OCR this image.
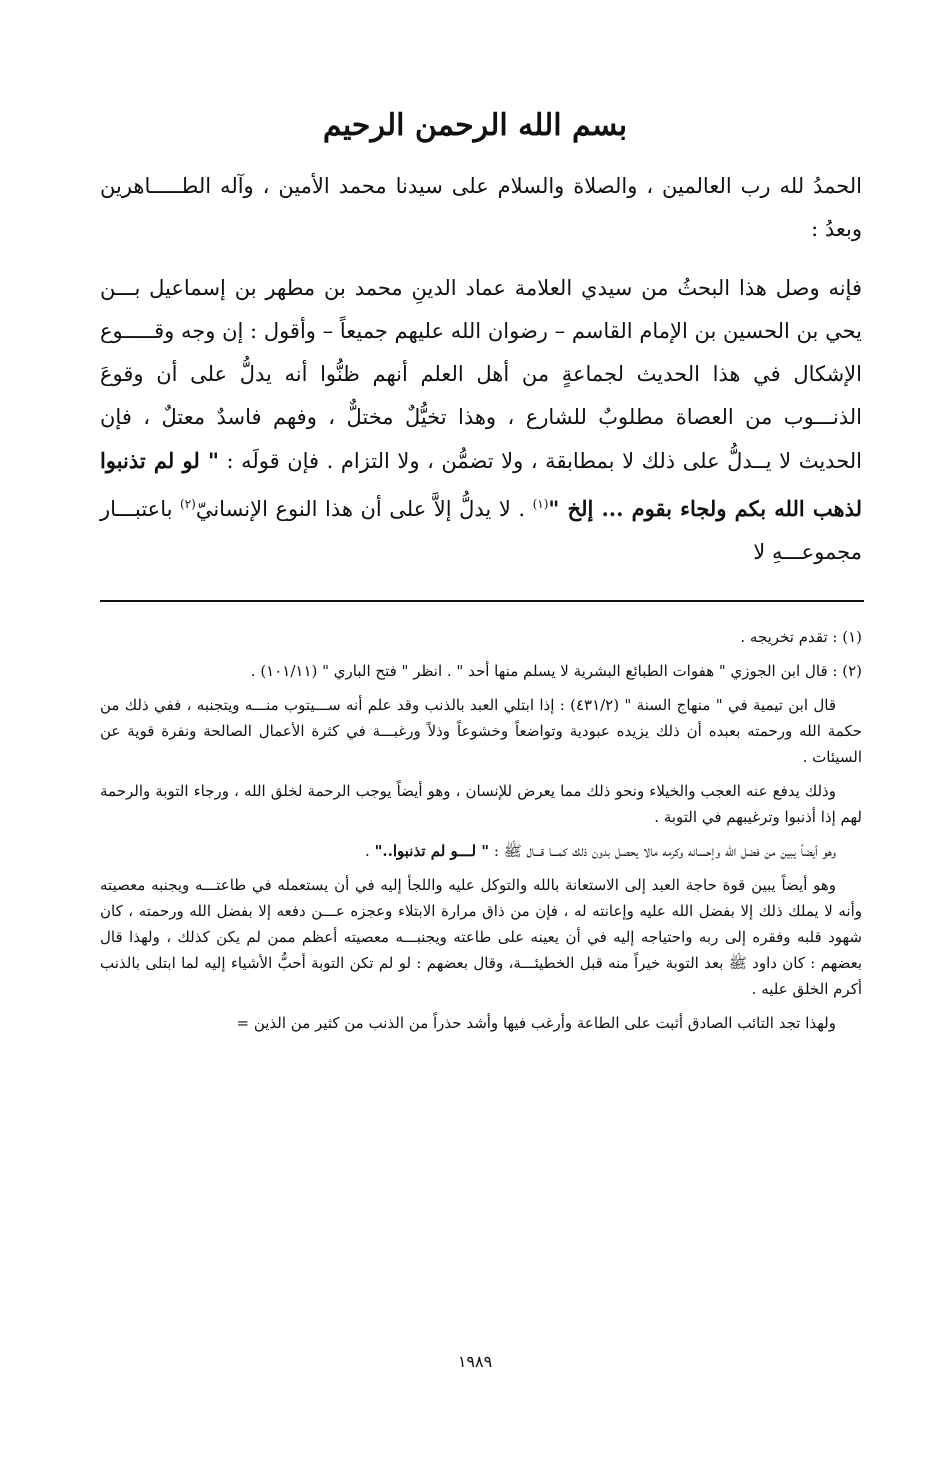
بسم الله الرحمن الرحيم

الحمدُ لله رب العالمين ، والصلاة والسلام على سيدنا محمد الأمين ، وآله الطـــــاهرين وبعدُ :

فإنه وصل هذا البحثُ من سيدي العلامة عماد الدينِ محمد بن مطهر بن إسماعيل بـــن يحي بن الحسين بن الإمام القاسم – رضوان الله عليهم جميعاً – وأقول : إن وجه وقـــــوع الإشكال في هذا الحديث لجماعةٍ من أهل العلم أنهم ظنُّوا أنه يدلُّ على أن وقوعَ الذنـــوب من العصاة مطلوبٌ للشارع ، وهذا تخيُّلٌ مختلٌّ ، وفهم فاسدٌ معتلٌ ، فإن الحديث لا يــدلُّ على ذلك لا بمطابقة ، ولا تضمُّن ، ولا التزام . فإن قولَه : " لو لم تذنبوا لذهب الله بكم ولجاء بقوم ... إلخ "$^{(١)}$ . لا يدلُّ إلاَّ على أن هذا النوع الإنسانيّ$^{(٢)}$ باعتبـــار مجموعـــهِ لا

(١) : تقدم تخريجه .

(٢) : قال ابن الجوزي " هفوات الطبائع البشرية لا يسلم منها أحد " . انظر " فتح الباري " (١٠١/١١) .

قال ابن تيمية في " منهاج السنة " (٤٣١/٢) : إذا ابتلي العبد بالذنب وقد علم أنه ســـيتوب منـــه ويتجنبه ، ففي ذلك من حكمة الله ورحمته بعبده أن ذلك يزيده عبودية وتواضعاً وخشوعاً وذلاً ورغبـــة في كثرة الأعمال الصالحة ونفرة قوية عن السيئات .

وذلك يدفع عنه العجب والخيلاء ونحو ذلك مما يعرض للإنسان ، وهو أيضاً يوجب الرحمة لخلق الله ، ورجاء التوبة والرحمة لهم إذا أذنبوا وترغيبهم في التوبة .

وهو أيضاً يبين من فضل الله وإحسانه وكرمه مالا يحصل بدون ذلك كمـــا قـــال ﷺ : " لـــو لم تذنبوا.." .

وهو أيضاً يبين قوة حاجة العبد إلى الاستعانة بالله والتوكل عليه واللجأ إليه في أن يستعمله في طاعتـــه ويجنبه معصيته وأنه لا يملك ذلك إلا بفضل الله عليه وإعانته له ، فإن من ذاق مرارة الابتلاء وعجزه عـــن دفعه إلا بفضل الله ورحمته ، كان شهود قلبه وفقره إلى ربه واحتياجه إليه في أن يعينه على طاعته ويجنبـــه معصيته أعظم ممن لم يكن كذلك ، ولهذا قال بعضهم : كان داود ﷺ بعد التوبة خيراً منه قبل الخطيئـــة، وقال بعضهم : لو لم تكن التوبة أحبُّ الأشياء إليه لما ابتلى بالذنب أكرم الخلق عليه .

ولهذا تجد التائب الصادق أثبت على الطاعة وأرغب فيها وأشد حذراً من الذنب من كثير من الذين =

١٩٨٩
